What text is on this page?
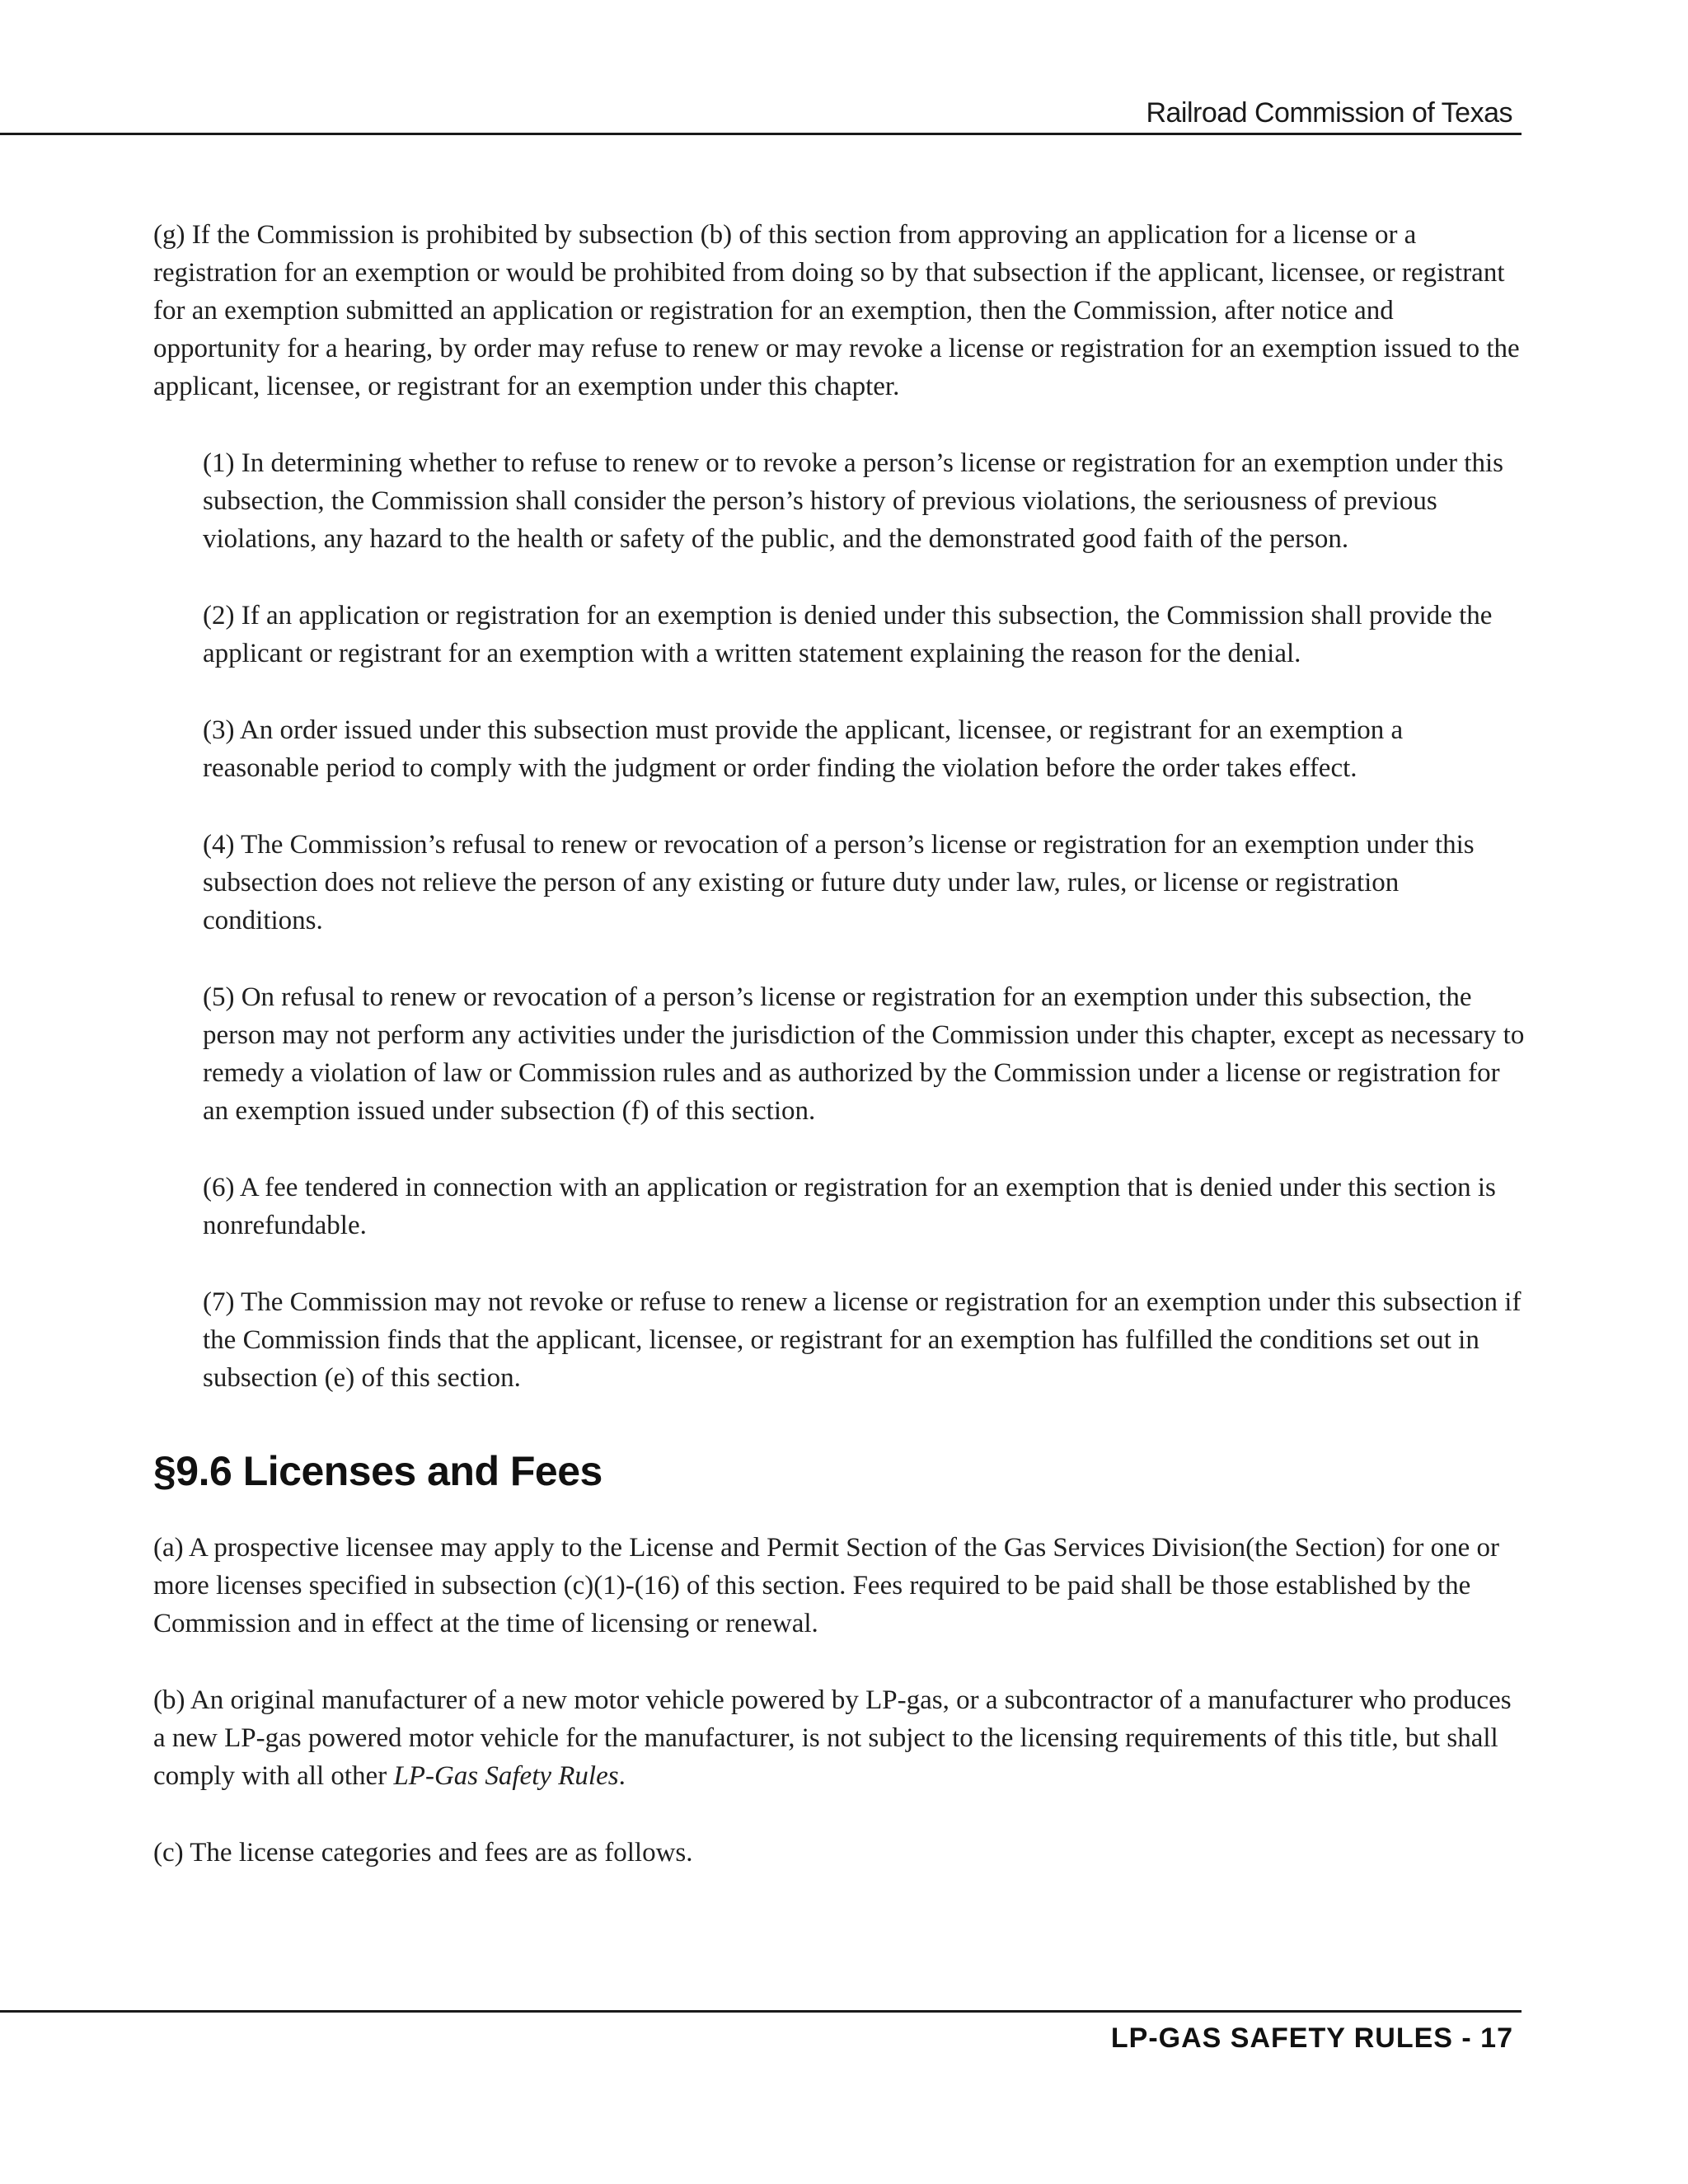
Railroad Commission of Texas

(g) If the Commission is prohibited by subsection (b) of this section from approving an application for a license or a registration for an exemption or would be prohibited from doing so by that subsection if the applicant, licensee, or registrant for an exemption submitted an application or registration for an exemption, then the Commission, after notice and opportunity for a hearing, by order may refuse to renew or may revoke a license or registration for an exemption issued to the applicant, licensee, or registrant for an exemption under this chapter.

(1) In determining whether to refuse to renew or to revoke a person’s license or registration for an exemption under this subsection, the Commission shall consider the person’s history of previous violations, the seriousness of previous violations, any hazard to the health or safety of the public, and the demonstrated good faith of the person.

(2) If an application or registration for an exemption is denied under this subsection, the Commission shall provide the applicant or registrant for an exemption with a written statement explaining the reason for the denial.

(3) An order issued under this subsection must provide the applicant, licensee, or registrant for an exemption a reasonable period to comply with the judgment or order finding the violation before the order takes effect.

(4) The Commission’s refusal to renew or revocation of a person’s license or registration for an exemption under this subsection does not relieve the person of any existing or future duty under law, rules, or license or registration conditions.

(5) On refusal to renew or revocation of a person’s license or registration for an exemption under this subsection, the person may not perform any activities under the jurisdiction of the Commission under this chapter, except as necessary to remedy a violation of law or Commission rules and as authorized by the Commission under a license or registration for an exemption issued under subsection (f) of this section.

(6) A fee tendered in connection with an application or registration for an exemption that is denied under this section is nonrefundable.

(7) The Commission may not revoke or refuse to renew a license or registration for an exemption under this subsection if the Commission finds that the applicant, licensee, or registrant for an exemption has fulfilled the conditions set out in subsection (e) of this section.

§9.6 Licenses and Fees

(a) A prospective licensee may apply to the License and Permit Section of the Gas Services Division(the Section) for one or more licenses specified in subsection (c)(1)-(16) of this section. Fees required to be paid shall be those established by the Commission and in effect at the time of licensing or renewal.

(b) An original manufacturer of a new motor vehicle powered by LP-gas, or a subcontractor of a manufacturer who produces a new LP-gas powered motor vehicle for the manufacturer, is not subject to the licensing requirements of this title, but shall comply with all other LP-Gas Safety Rules.

(c) The license categories and fees are as follows.

LP-GAS SAFETY RULES - 17
